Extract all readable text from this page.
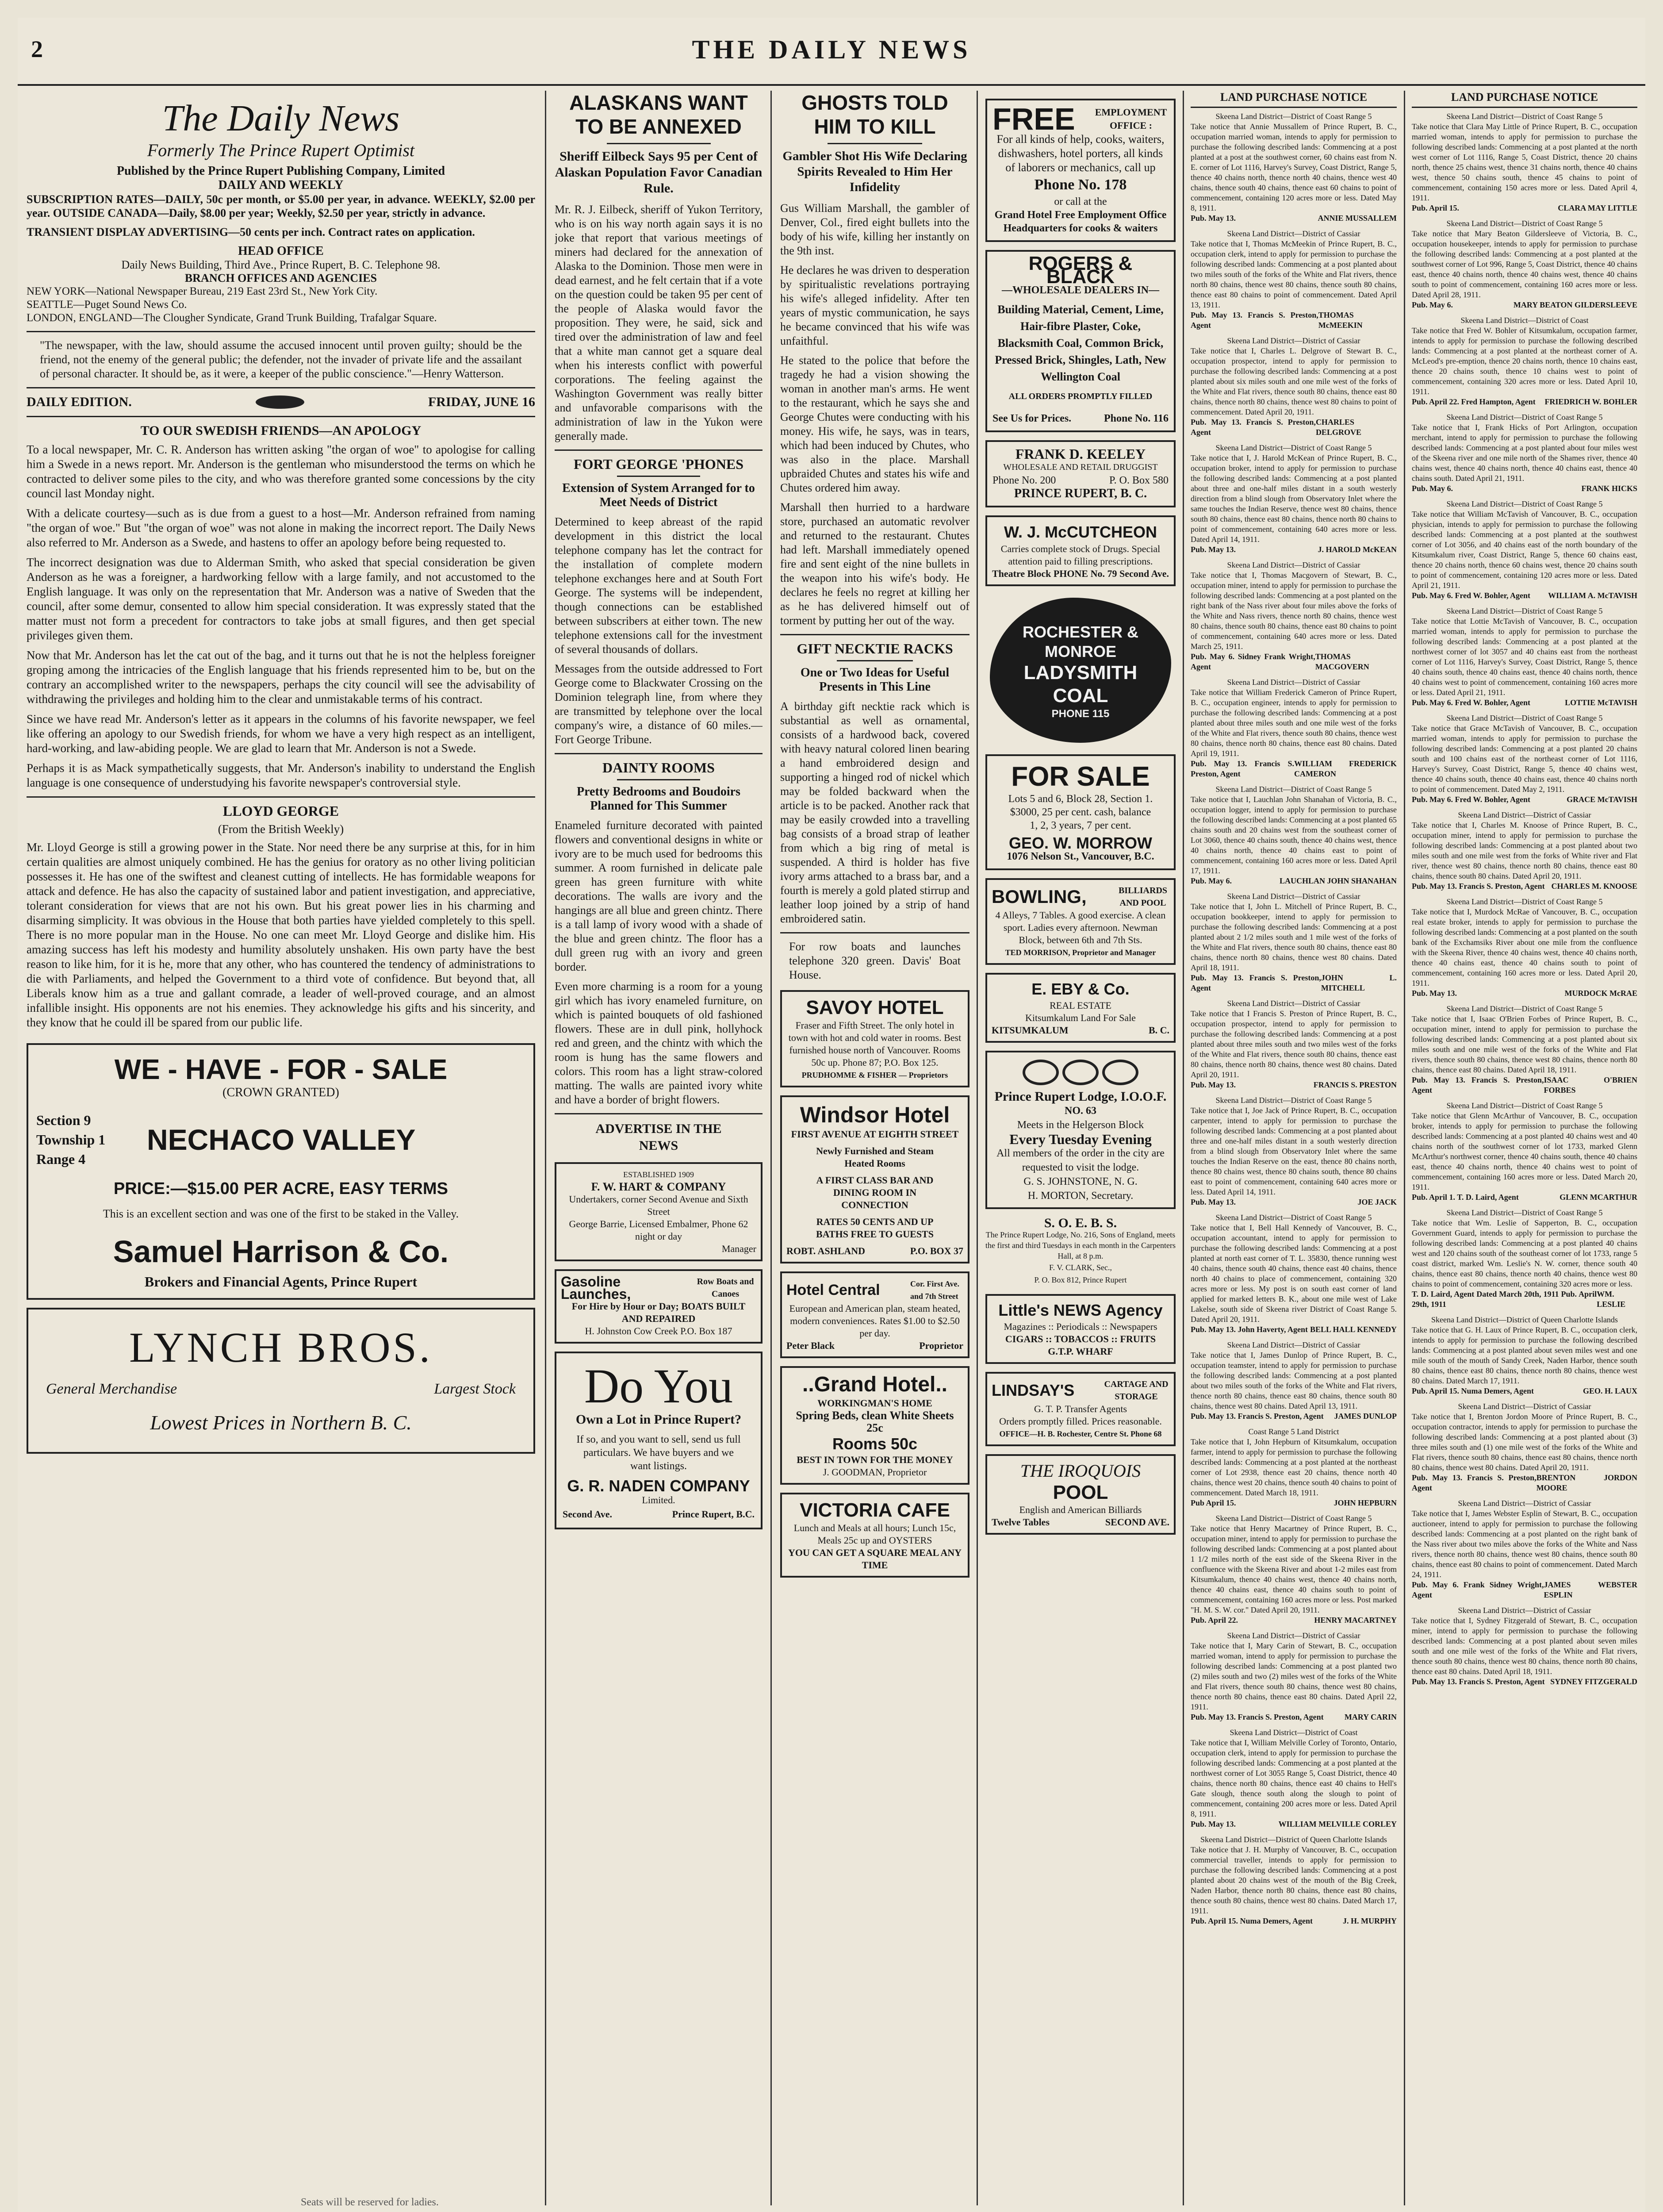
2	THE DAILY NEWS
The Daily News
Formerly The Prince Rupert Optimist
Published by the Prince Rupert Publishing Company, Limited
DAILY AND WEEKLY

SUBSCRIPTION RATES—DAILY, 50c per month, or $5.00 per year, in advance. WEEKLY, $2.00 per year. OUTSIDE CANADA—Daily, $8.00 per year; Weekly, $2.50 per year, strictly in advance.

TRANSIENT DISPLAY ADVERTISING—50 cents per inch. Contract rates on application.

HEAD OFFICE
Daily News Building, Third Ave., Prince Rupert, B. C. Telephone 98.
BRANCH OFFICES AND AGENCIES
NEW YORK—National Newspaper Bureau, 219 East 23rd St., New York City.
SEATTLE—Puget Sound News Co.
LONDON, ENGLAND—The Clougher Syndicate, Grand Trunk Building, Trafalgar Square.

"The newspaper, with the law, should assume the accused innocent until proven guilty; should be the friend, not the enemy of the general public; the defender, not the invader of private life and the assailant of personal character. It should be, as it were, a keeper of the public conscience."—Henry Watterson.

DAILY EDITION.	FRIDAY, JUNE 16
TO OUR SWEDISH FRIENDS—AN APOLOGY

To a local newspaper, Mr. C. R. Anderson has written asking "the organ of woe" to apologise for calling him a Swede in a news report. Mr. Anderson is the gentleman who misunderstood the terms on which he contracted to deliver some piles to the city, and who was therefore granted some concessions by the city council last Monday night.

With a delicate courtesy—such as is due from a guest to a host—Mr. Anderson refrained from naming "the organ of woe." But "the organ of woe" was not alone in making the incorrect report. The Daily News also referred to Mr. Anderson as a Swede, and hastens to offer an apology before being requested to.

The incorrect designation was due to Alderman Smith, who asked that special consideration be given Anderson as he was a foreigner, a hardworking fellow with a large family, and not accustomed to the English language. It was only on the representation that Mr. Anderson was a native of Sweden that the council, after some demur, consented to allow him special consideration. It was expressly stated that the matter must not form a precedent for contractors to take jobs at small figures, and then get special privileges given them.

Now that Mr. Anderson has let the cat out of the bag, and it turns out that he is not the helpless foreigner groping among the intricacies of the English language that his friends represented him to be, but on the contrary an accomplished writer to the newspapers, perhaps the city council will see the advisability of withdrawing the privileges and holding him to the clear and unmistakable terms of his contract.

Since we have read Mr. Anderson's letter as it appears in the columns of his favorite newspaper, we feel like offering an apology to our Swedish friends, for whom we have a very high respect as an intelligent, hard-working, and law-abiding people. We are glad to learn that Mr. Anderson is not a Swede.

Perhaps it is as Mack sympathetically suggests, that Mr. Anderson's inability to understand the English language is one consequence of understudying his favorite newspaper's controversial style.

LLOYD GEORGE
(From the British Weekly)

Mr. Lloyd George is still a growing power in the State. Nor need there be any surprise at this, for in him certain qualities are almost uniquely combined. He has the genius for oratory as no other living politician possesses it. He has one of the swiftest and cleanest cutting of intellects. He has formidable weapons for attack and defence. He has also the capacity of sustained labor and patient investigation, and appreciative, tolerant consideration for views that are not his own. But his great power lies in his charming and disarming simplicity. It was obvious in the House that both parties have yielded completely to this spell. There is no more popular man in the House. No one can meet Mr. Lloyd George and dislike him. His amazing success has left his modesty and humility absolutely unshaken. His own party have the best reason to like him, for it is he, more that any other, who has countered the tendency of administrations to die with Parliaments, and helped the Government to a third vote of confidence. But beyond that, all Liberals know him as a true and gallant comrade, a leader of well-proved courage, and an almost infallible insight. His opponents are not his enemies. They acknowledge his gifts and his sincerity, and they know that he could ill be spared from our public life.

WE - HAVE - FOR - SALE
(CROWN GRANTED)
Section 9
Township 1
Range 4
NECHACO VALLEY
PRICE:—$15.00 PER ACRE, EASY TERMS
This is an excellent section and was one of the first to be staked in the Valley.
Samuel Harrison & Co.
Brokers and Financial Agents, Prince Rupert
LYNCH BROS.
General Merchandise	Largest Stock
Lowest Prices in Northern B. C.
ALASKANS WANT TO BE ANNEXED
Sheriff Eilbeck Says 95 per Cent of Alaskan Population Favor Canadian Rule.

Mr. R. J. Eilbeck, sheriff of Yukon Territory, who is on his way north again says it is no joke that report that various meetings of miners had declared for the annexation of Alaska to the Dominion. Those men were in dead earnest, and he felt certain that if a vote on the question could be taken 95 per cent of the people of Alaska would favor the proposition. They were, he said, sick and tired over the administration of law and feel that a white man cannot get a square deal when his interests conflict with powerful corporations. The feeling against the Washington Government was really bitter and unfavorable comparisons with the administration of law in the Yukon were generally made.

FORT GEORGE 'PHONES
Extension of System Arranged for to Meet Needs of District

Determined to keep abreast of the rapid development in this district the local telephone company has let the contract for the installation of complete modern telephone exchanges here and at South Fort George. The systems will be independent, though connections can be established between subscribers at either town. The new telephone extensions call for the investment of several thousands of dollars.

Messages from the outside addressed to Fort George come to Blackwater Crossing on the Dominion telegraph line, from where they are transmitted by telephone over the local company's wire, a distance of 60 miles.—Fort George Tribune.

DAINTY ROOMS
Pretty Bedrooms and Boudoirs Planned for This Summer

Enameled furniture decorated with painted flowers and conventional designs in white or ivory are to be much used for bedrooms this summer. A room furnished in delicate pale green has green furniture with white decorations. The walls are ivory and the hangings are all blue and green chintz. There is a tall lamp of ivory wood with a shade of the blue and green chintz. The floor has a dull green rug with an ivory and green border.

Even more charming is a room for a young girl which has ivory enameled furniture, on which is painted bouquets of old fashioned flowers. These are in dull pink, hollyhock red and green, and the chintz with which the room is hung has the same flowers and colors. This room has a light straw-colored matting. The walls are painted ivory white and have a border of bright flowers.

ADVERTISE IN THE
NEWS
ESTABLISHED 1909
F. W. HART & COMPANY
Undertakers, corner Second Avenue and Sixth Street
George Barrie, Licensed Embalmer, Phone 62 night or day
Manager
Gasoline Launches,
Row Boats and Canoes
For Hire by Hour or Day; BOATS BUILT AND REPAIRED
H. Johnston Cow Creek P.O. Box 187
Do You
Own a Lot in Prince Rupert?
If so, and you want to sell, send us full particulars. We have buyers and we want listings.
G. R. NADEN COMPANY
Limited.
Second Ave.	Prince Rupert, B.C.
GHOSTS TOLD HIM TO KILL
Gambler Shot His Wife Declaring Spirits Revealed to Him Her Infidelity

Gus William Marshall, the gambler of Denver, Col., fired eight bullets into the body of his wife, killing her instantly on the 9th inst.

He declares he was driven to desperation by spiritualistic revelations portraying his wife's alleged infidelity. After ten years of mystic communication, he says he became convinced that his wife was unfaithful.

He stated to the police that before the tragedy he had a vision showing the woman in another man's arms. He went to the restaurant, which he says she and George Chutes were conducting with his money. His wife, he says, was in tears, which had been induced by Chutes, who was also in the place. Marshall upbraided Chutes and states his wife and Chutes ordered him away.

Marshall then hurried to a hardware store, purchased an automatic revolver and returned to the restaurant. Chutes had left. Marshall immediately opened fire and sent eight of the nine bullets in the weapon into his wife's body. He declares he feels no regret at killing her as he has delivered himself out of torment by putting her out of the way.

GIFT NECKTIE RACKS
One or Two Ideas for Useful Presents in This Line

A birthday gift necktie rack which is substantial as well as ornamental, consists of a hardwood back, covered with heavy natural colored linen bearing a hand embroidered design and supporting a hinged rod of nickel which may be folded backward when the article is to be packed. Another rack that may be easily crowded into a travelling bag consists of a broad strap of leather from which a big ring of metal is suspended. A third is holder has five ivory arms attached to a brass bar, and a fourth is merely a gold plated stirrup and leather loop joined by a strip of hand embroidered satin.

For row boats and launches telephone 320 green. Davis' Boat House.

SAVOY HOTEL
Fraser and Fifth Street. The only hotel in town with hot and cold water in rooms. Best furnished house north of Vancouver. Rooms 50c up. Phone 87; P.O. Box 125.
PRUDHOMME & FISHER — Proprietors
Windsor Hotel
FIRST AVENUE AT EIGHTH STREET
Newly Furnished and Steam Heated Rooms
A FIRST CLASS BAR AND DINING ROOM IN CONNECTION
RATES 50 CENTS AND UP BATHS FREE TO GUESTS
ROBT. ASHLAND	P.O. BOX 37
Hotel Central	Cor. First Ave. and 7th Street
European and American plan, steam heated, modern conveniences. Rates $1.00 to $2.50 per day.
Peter Black	Proprietor
..Grand Hotel..
WORKINGMAN'S HOME
Spring Beds, clean White Sheets 25c
Rooms 50c
BEST IN TOWN FOR THE MONEY
J. GOODMAN, Proprietor
VICTORIA CAFE
Lunch and Meals at all hours; Lunch 15c, Meals 25c up and OYSTERS
YOU CAN GET A SQUARE MEAL ANY TIME
FREE EMPLOYMENT OFFICE :
For all kinds of help, cooks, waiters, dishwashers, hotel porters, all kinds of laborers or mechanics, call up
Phone No. 178
or call at the
Grand Hotel Free Employment Office
Headquarters for cooks & waiters
ROGERS & BLACK
—WHOLESALE DEALERS IN—
Building Material, Cement, Lime, Hair-fibre Plaster, Coke, Blacksmith Coal, Common Brick, Pressed Brick, Shingles, Lath, New Wellington Coal
ALL ORDERS PROMPTLY FILLED
See Us for Prices.	Phone No. 116
FRANK D. KEELEY
WHOLESALE AND RETAIL DRUGGIST
Phone No. 200	P. O. Box 580
PRINCE RUPERT, B. C.
W. J. McCUTCHEON
Carries complete stock of Drugs. Special attention paid to filling prescriptions.
Theatre Block PHONE No. 79 Second Ave.
ROCHESTER &
MONROE
LADYSMITH
COAL
PHONE 115
FOR SALE
Lots 5 and 6, Block 28, Section 1.
$3000, 25 per cent. cash, balance 1, 2, 3 years, 7 per cent.
GEO. W. MORROW
1076 Nelson St., Vancouver, B.C.
BOWLING,	BILLIARDS AND POOL
4 Alleys, 7 Tables. A good exercise. A clean sport. Ladies every afternoon. Newman Block, between 6th and 7th Sts.
TED MORRISON, Proprietor and Manager
E. EBY & Co.
REAL ESTATE
Kitsumkalum Land For Sale
KITSUMKALUM	B. C.
Prince Rupert Lodge, I.O.O.F.
NO. 63
Meets in the Helgerson Block
Every Tuesday Evening
All members of the order in the city are requested to visit the lodge.
G. S. JOHNSTONE, N. G.
H. MORTON, Secretary.
S. O. E. B. S.
The Prince Rupert Lodge, No. 216, Sons of England, meets the first and third Tuesdays in each month in the Carpenters Hall, at 8 p.m.
F. V. CLARK, Sec.,
P. O. Box 812, Prince Rupert
Little's NEWS Agency
Magazines :: Periodicals :: Newspapers
CIGARS :: TOBACCOS :: FRUITS
G.T.P. WHARF
LINDSAY'S	CARTAGE AND STORAGE
G. T. P. Transfer Agents
Orders promptly filled. Prices reasonable.
OFFICE—H. B. Rochester, Centre St. Phone 68
THE IROQUOIS
POOL
English and American Billiards
Twelve Tables	SECOND AVE.
LAND PURCHASE NOTICE
Skeena Land District—District of Coast Range 5
Take notice that Annie Mussallem of Prince Rupert, B. C., occupation married woman, intends to apply for permission to purchase the following described lands: Commencing at a post planted at a post at the southwest corner, 60 chains east from N. E. corner of Lot 1116, Harvey's Survey, Coast District, Range 5, thence 40 chains north, thence north 40 chains, thence west 40 chains, thence south 40 chains, thence east 60 chains to point of commencement, containing 120 acres more or less. Dated May 8, 1911.
Pub. May 13.	ANNIE MUSSALLEM
Skeena Land District—District of Cassiar
Take notice that I, Thomas McMeekin of Prince Rupert, B. C., occupation clerk, intend to apply for permission to purchase the following described lands: Commencing at a post planted about two miles south of the forks of the White and Flat rivers, thence north 80 chains, thence west 80 chains, thence south 80 chains, thence east 80 chains to point of commencement. Dated April 13, 1911.
Pub. May 13. Francis S. Preston, Agent
THOMAS McMEEKIN
Skeena Land District—District of Cassiar
Take notice that I, Charles L. Delgrove of Stewart B. C., occupation prospector, intend to apply for permission to purchase the following described lands: Commencing at a post planted about six miles south and one mile west of the forks of the White and Flat rivers, thence south 80 chains, thence east 80 chains, thence north 80 chains, thence west 80 chains to point of commencement. Dated April 20, 1911.
Pub. May 13. Francis S. Preston, Agent
CHARLES DELGROVE
Skeena Land District—District of Coast Range 5
Take notice that I, J. Harold McKean of Prince Rupert, B. C., occupation broker, intend to apply for permission to purchase the following described lands: Commencing at a post planted about three and one-half miles distant in a south westerly direction from a blind slough from Observatory Inlet where the same touches the Indian Reserve, thence west 80 chains, thence south 80 chains, thence east 80 chains, thence north 80 chains to point of commencement, containing 640 acres more or less. Dated April 14, 1911.
Pub. May 13.	J. HAROLD McKEAN
Skeena Land District—District of Cassiar
Take notice that I, Thomas Macgovern of Stewart, B. C., occupation miner, intend to apply for permission to purchase the following described lands: Commencing at a post planted on the right bank of the Nass river about four miles above the forks of the White and Nass rivers, thence north 80 chains, thence west 80 chains, thence south 80 chains, thence east 80 chains to point of commencement, containing 640 acres more or less. Dated March 25, 1911.
Pub. May 6. Sidney Frank Wright, Agent
THOMAS MACGOVERN
Skeena Land District—District of Cassiar
Take notice that William Frederick Cameron of Prince Rupert, B. C., occupation engineer, intends to apply for permission to purchase the following described lands: Commencing at a post planted about three miles south and one mile west of the forks of the White and Flat rivers, thence south 80 chains, thence west 80 chains, thence north 80 chains, thence east 80 chains. Dated April 19, 1911.
Pub. May 13. Francis S. Preston, Agent
WILLIAM FREDERICK CAMERON
Skeena Land District—District of Coast Range 5
Take notice that I, Lauchlan John Shanahan of Victoria, B. C., occupation logger, intend to apply for permission to purchase the following described lands: Commencing at a post planted 65 chains south and 20 chains west from the southeast corner of Lot 3060, thence 40 chains south, thence 40 chains west, thence 40 chains north, thence 40 chains east to point of commencement, containing 160 acres more or less. Dated April 17, 1911.
Pub. May 6.	LAUCHLAN JOHN SHANAHAN
Skeena Land District—District of Cassiar
Take notice that I, John L. Mitchell of Prince Rupert, B. C., occupation bookkeeper, intend to apply for permission to purchase the following described lands: Commencing at a post planted about 2 1/2 miles south and 1 mile west of the forks of the White and Flat rivers, thence south 80 chains, thence east 80 chains, thence north 80 chains, thence west 80 chains. Dated April 18, 1911.
Pub. May 13. Francis S. Preston, Agent
JOHN L. MITCHELL
Skeena Land District—District of Cassiar
Take notice that I Francis S. Preston of Prince Rupert, B. C., occupation prospector, intend to apply for permission to purchase the following described lands: Commencing at a post planted about three miles south and two miles west of the forks of the White and Flat rivers, thence south 80 chains, thence east 80 chains, thence north 80 chains, thence west 80 chains. Dated April 20, 1911.
Pub. May 13.	FRANCIS S. PRESTON
Skeena Land District—District of Coast Range 5
Take notice that I, Joe Jack of Prince Rupert, B. C., occupation carpenter, intend to apply for permission to purchase the following described lands: Commencing at a post planted about three and one-half miles distant in a south westerly direction from a blind slough from Observatory Inlet where the same touches the Indian Reserve on the east, thence 80 chains north, thence 80 chains west, thence 80 chains south, thence 80 chains east to point of commencement, containing 640 acres more or less. Dated April 14, 1911.
Pub. May 13.	JOE JACK
Skeena Land District—District of Coast Range 5
Take notice that I, Bell Hall Kennedy of Vancouver, B. C., occupation accountant, intend to apply for permission to purchase the following described lands: Commencing at a post planted at north east corner of T. L. 35830, thence running west 40 chains, thence south 40 chains, thence east 40 chains, thence north 40 chains to place of commencement, containing 320 acres more or less. My post is on south east corner of land applied for marked letters B. K., about one mile west of Lake Lakelse, south side of Skeena river District of Coast Range 5. Dated April 20, 1911.
Pub. May 13. John Haverty, Agent BELL HALL KENNEDY
Skeena Land District—District of Cassiar
Take notice that I, James Dunlop of Prince Rupert, B. C., occupation teamster, intend to apply for permission to purchase the following described lands: Commencing at a post planted about two miles south of the forks of the White and Flat rivers, thence north 80 chains, thence east 80 chains, thence south 80 chains, thence west 80 chains. Dated April 13, 1911.
Pub. May 13. Francis S. Preston, Agent JAMES DUNLOP
Coast Range 5 Land District
Take notice that I, John Hepburn of Kitsumkalum, occupation farmer, intend to apply for permission to purchase the following described lands: Commencing at a post planted at the northeast corner of Lot 2938, thence east 20 chains, thence north 40 chains, thence west 20 chains, thence south 40 chains to point of commencement. Dated March 18, 1911.
Pub April 15.	JOHN HEPBURN
Skeena Land District—District of Coast Range 5
Take notice that Henry Macartney of Prince Rupert, B. C., occupation miner, intend to apply for permission to purchase the following described lands: Commencing at a post planted about 1 1/2 miles north of the east side of the Skeena River in the confluence with the Skeena River and about 1-2 miles east from Kitsumkalum, thence 40 chains west, thence 40 chains north, thence 40 chains east, thence 40 chains south to point of commencement, containing 160 acres more or less. Post marked "H. M. S. W. cor." Dated April 20, 1911.
Pub. April 22.	HENRY MACARTNEY
Skeena Land District—District of Cassiar
Take notice that I, Mary Carin of Stewart, B. C., occupation married woman, intend to apply for permission to purchase the following described lands: Commencing at a post planted two (2) miles south and two (2) miles west of the forks of the White and Flat rivers, thence south 80 chains, thence west 80 chains, thence north 80 chains, thence east 80 chains. Dated April 22, 1911.
Pub. May 13. Francis S. Preston, Agent	MARY CARIN
Skeena Land District—District of Coast
Take notice that I, William Melville Corley of Toronto, Ontario, occupation clerk, intend to apply for permission to purchase the following described lands: Commencing at a post planted at the northwest corner of Lot 3055 Range 5, Coast District, thence 40 chains, thence north 80 chains, thence east 40 chains to Hell's Gate slough, thence south along the slough to point of commencement, containing 200 acres more or less. Dated April 8, 1911.
Pub. May 13.	WILLIAM MELVILLE CORLEY
Skeena Land District—District of Queen Charlotte Islands
Take notice that J. H. Murphy of Vancouver, B. C., occupation commercial traveller, intends to apply for permission to purchase the following described lands: Commencing at a post planted about 20 chains west of the mouth of the Big Creek, Naden Harbor, thence north 80 chains, thence east 80 chains, thence south 80 chains, thence west 80 chains. Dated March 17, 1911.
Pub. April 15. Numa Demers, Agent	J. H. MURPHY
LAND PURCHASE NOTICE
Skeena Land District—District of Coast Range 5
Take notice that Clara May Little of Prince Rupert, B. C., occupation married woman, intends to apply for permission to purchase the following described lands: Commencing at a post planted at the north west corner of Lot 1116, Range 5, Coast District, thence 20 chains north, thence 25 chains west, thence 31 chains north, thence 40 chains west, thence 50 chains south, thence 45 chains to point of commencement, containing 150 acres more or less. Dated April 4, 1911.
Pub. April 15.	CLARA MAY LITTLE
Skeena Land District—District of Coast Range 5
Take notice that Mary Beaton Gildersleeve of Victoria, B. C., occupation housekeeper, intends to apply for permission to purchase the following described lands: Commencing at a post planted at the southwest corner of Lot 996, Range 5, Coast District, thence 40 chains east, thence 40 chains north, thence 40 chains west, thence 40 chains south to point of commencement, containing 160 acres more or less. Dated April 28, 1911.
Pub. May 6.	MARY BEATON GILDERSLEEVE
Skeena Land District—District of Coast
Take notice that Fred W. Bohler of Kitsumkalum, occupation farmer, intends to apply for permission to purchase the following described lands: Commencing at a post planted at the northeast corner of A. McLeod's pre-emption, thence 20 chains north, thence 10 chains east, thence 20 chains south, thence 10 chains west to point of commencement, containing 320 acres more or less. Dated April 10, 1911.
Pub. April 22. Fred Hampton, Agent FRIEDRICH W. BOHLER
Skeena Land District—District of Coast Range 5
Take notice that I, Frank Hicks of Port Arlington, occupation merchant, intend to apply for permission to purchase the following described lands: Commencing at a post planted about four miles west of the Skeena river and one mile north of the Shames river, thence 40 chains west, thence 40 chains north, thence 40 chains east, thence 40 chains south. Dated April 21, 1911.
Pub. May 6.	FRANK HICKS
Skeena Land District—District of Coast Range 5
Take notice that William McTavish of Vancouver, B. C., occupation physician, intends to apply for permission to purchase the following described lands: Commencing at a post planted at the southwest corner of Lot 3056, and 40 chains east of the north boundary of the Kitsumkalum river, Coast District, Range 5, thence 60 chains east, thence 20 chains north, thence 60 chains west, thence 20 chains south to point of commencement, containing 120 acres more or less. Dated April 21, 1911.
Pub. May 6. Fred W. Bohler, Agent WILLIAM A. McTAVISH
Skeena Land District—District of Coast Range 5
Take notice that Lottie McTavish of Vancouver, B. C., occupation married woman, intends to apply for permission to purchase the following described lands: Commencing at a post planted at the northwest corner of lot 3057 and 40 chains east from the northeast corner of Lot 1116, Harvey's Survey, Coast District, Range 5, thence 40 chains south, thence 40 chains east, thence 40 chains north, thence 40 chains west to point of commencement, containing 160 acres more or less. Dated April 21, 1911.
Pub. May 6. Fred W. Bohler, Agent	LOTTIE McTAVISH
Skeena Land District—District of Coast Range 5
Take notice that Grace McTavish of Vancouver, B. C., occupation married woman, intends to apply for permission to purchase the following described lands: Commencing at a post planted 20 chains south and 100 chains east of the northeast corner of Lot 1116, Harvey's Survey, Coast District, Range 5, thence 40 chains west, thence 40 chains south, thence 40 chains east, thence 40 chains north to point of commencement. Dated May 2, 1911.
Pub. May 6. Fred W. Bohler, Agent	GRACE McTAVISH
Skeena Land District—District of Cassiar
Take notice that I, Charles M. Knoose of Prince Rupert, B. C., occupation miner, intend to apply for permission to purchase the following described lands: Commencing at a post planted about two miles south and one mile west from the forks of White river and Flat river, thence west 80 chains, thence north 80 chains, thence east 80 chains, thence south 80 chains. Dated April 20, 1911.
Pub. May 13. Francis S. Preston, Agent CHARLES M. KNOOSE
Skeena Land District—District of Coast Range 5
Take notice that I, Murdock McRae of Vancouver, B. C., occupation real estate broker, intends to apply for permission to purchase the following described lands: Commencing at a post planted on the south bank of the Exchamsiks River about one mile from the confluence with the Skeena River, thence 40 chains west, thence 40 chains north, thence 40 chains east, thence 40 chains south to point of commencement, containing 160 acres more or less. Dated April 20, 1911.
Pub. May 13.	MURDOCK McRAE
Skeena Land District—District of Coast Range 5
Take notice that I, Isaac O'Brien Forbes of Prince Rupert, B. C., occupation miner, intend to apply for permission to purchase the following described lands: Commencing at a post planted about six miles south and one mile west of the forks of the White and Flat rivers, thence south 80 chains, thence west 80 chains, thence north 80 chains, thence east 80 chains. Dated April 18, 1911.
Pub. May 13. Francis S. Preston, Agent
ISAAC O'BRIEN FORBES
Skeena Land District—District of Coast Range 5
Take notice that Glenn McArthur of Vancouver, B. C., occupation broker, intends to apply for permission to purchase the following described lands: Commencing at a post planted 40 chains west and 40 chains north of the southwest corner of lot 1733, marked Glenn McArthur's northwest corner, thence 40 chains south, thence 40 chains east, thence 40 chains north, thence 40 chains west to point of commencement, containing 160 acres more or less. Dated March 20, 1911.
Pub. April 1. T. D. Laird, Agent	GLENN MCARTHUR
Skeena Land District—District of Coast Range 5
Take notice that Wm. Leslie of Sapperton, B. C., occupation Government Guard, intends to apply for permission to purchase the following described lands: Commencing at a post planted 40 chains west and 120 chains south of the southeast corner of lot 1733, range 5 coast district, marked Wm. Leslie's N. W. corner, thence south 40 chains, thence east 80 chains, thence north 40 chains, thence west 80 chains to point of commencement, containing 320 acres more or less.
T. D. Laird, Agent Dated March 20th, 1911 Pub. April 29th, 1911
WM. LESLIE
Skeena Land District—District of Queen Charlotte Islands
Take notice that G. H. Laux of Prince Rupert, B. C., occupation clerk, intends to apply for permission to purchase the following described lands: Commencing at a post planted about seven miles west and one mile south of the mouth of Sandy Creek, Naden Harbor, thence south 80 chains, thence east 80 chains, thence north 80 chains, thence west 80 chains. Dated March 17, 1911.
Pub. April 15. Numa Demers, Agent	GEO. H. LAUX
Skeena Land District—District of Cassiar
Take notice that I, Brenton Jordon Moore of Prince Rupert, B. C., occupation contractor, intends to apply for permission to purchase the following described lands: Commencing at a post planted about (3) three miles south and (1) one mile west of the forks of the White and Flat rivers, thence south 80 chains, thence east 80 chains, thence north 80 chains, thence west 80 chains. Dated April 20, 1911.
Pub. May 13. Francis S. Preston, Agent
BRENTON JORDON MOORE
Skeena Land District—District of Cassiar
Take notice that I, James Webster Esplin of Stewart, B. C., occupation auctioneer, intend to apply for permission to purchase the following described lands: Commencing at a post planted on the right bank of the Nass river about two miles above the forks of the White and Nass rivers, thence north 80 chains, thence west 80 chains, thence south 80 chains, thence east 80 chains to point of commencement. Dated March 24, 1911.
Pub. May 6. Frank Sidney Wright, Agent
JAMES WEBSTER ESPLIN
Skeena Land District—District of Cassiar
Take notice that I, Sydney Fitzgerald of Stewart, B. C., occupation miner, intend to apply for permission to purchase the following described lands: Commencing at a post planted about seven miles south and one mile west of the forks of the White and Flat rivers, thence south 80 chains, thence west 80 chains, thence north 80 chains, thence east 80 chains. Dated April 18, 1911.
Pub. May 13. Francis S. Preston, Agent SYDNEY FITZGERALD
Seats will be reserved for ladies.
